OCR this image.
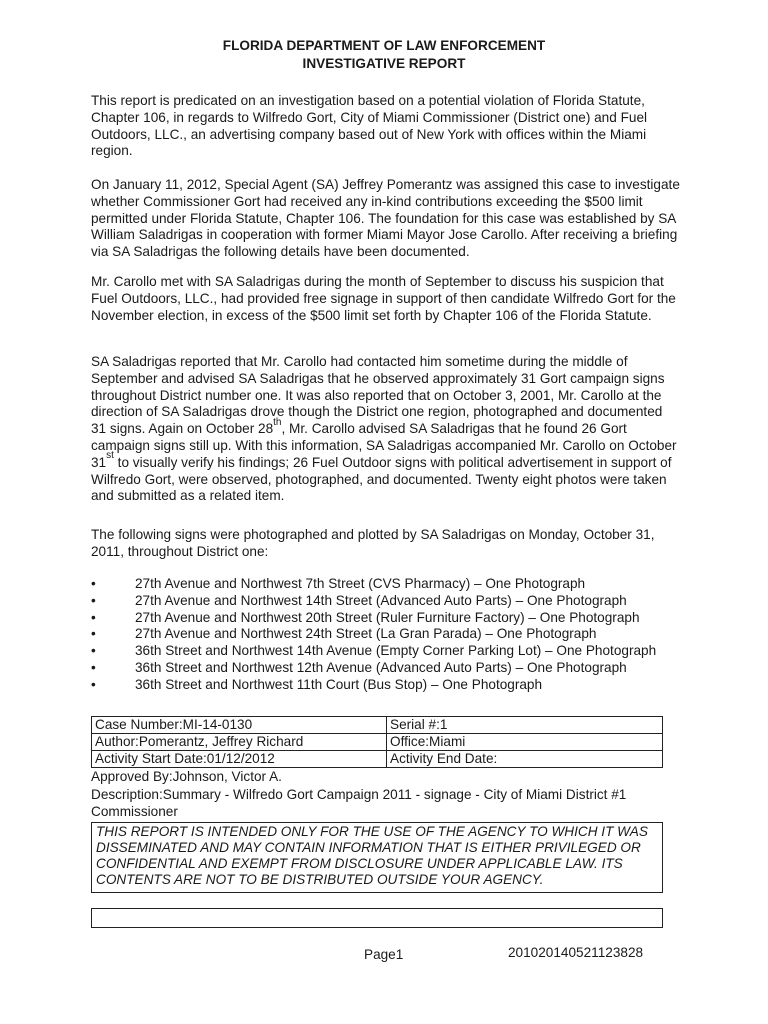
FLORIDA DEPARTMENT OF LAW ENFORCEMENT
INVESTIGATIVE REPORT

This report is predicated on an investigation based on a potential violation of Florida Statute, Chapter 106, in regards to Wilfredo Gort, City of Miami Commissioner (District one) and Fuel Outdoors, LLC., an advertising company based out of New York with offices within the Miami region.

On January 11, 2012, Special Agent (SA) Jeffrey Pomerantz was assigned this case to investigate whether Commissioner Gort had received any in-kind contributions exceeding the $500 limit permitted under Florida Statute, Chapter 106. The foundation for this case was established by SA William Saladrigas in cooperation with former Miami Mayor Jose Carollo. After receiving a briefing via SA Saladrigas the following details have been documented.

Mr. Carollo met with SA Saladrigas during the month of September to discuss his suspicion that Fuel Outdoors, LLC., had provided free signage in support of then candidate Wilfredo Gort for the November election, in excess of the $500 limit set forth by Chapter 106 of the Florida Statute.

SA Saladrigas reported that Mr. Carollo had contacted him sometime during the middle of September and advised SA Saladrigas that he observed approximately 31 Gort campaign signs throughout District number one. It was also reported that on October 3, 2001, Mr. Carollo at the direction of SA Saladrigas drove though the District one region, photographed and documented 31 signs. Again on October 28th, Mr. Carollo advised SA Saladrigas that he found 26 Gort campaign signs still up. With this information, SA Saladrigas accompanied Mr. Carollo on October 31st to visually verify his findings; 26 Fuel Outdoor signs with political advertisement in support of Wilfredo Gort, were observed, photographed, and documented. Twenty eight photos were taken and submitted as a related item.

The following signs were photographed and plotted by SA Saladrigas on Monday, October 31, 2011, throughout District one:

•	27th Avenue and Northwest 7th Street (CVS Pharmacy) – One Photograph
•	27th Avenue and Northwest 14th Street (Advanced Auto Parts) – One Photograph
•	27th Avenue and Northwest 20th Street (Ruler Furniture Factory) – One Photograph
•	27th Avenue and Northwest 24th Street (La Gran Parada) – One Photograph
•	36th Street and Northwest 14th Avenue (Empty Corner Parking Lot) – One Photograph
•	36th Street and Northwest 12th Avenue (Advanced Auto Parts) – One Photograph
•	36th Street and Northwest 11th Court (Bus Stop) – One Photograph
Case Number:MI-14-0130	Serial #:1
Author:Pomerantz, Jeffrey Richard	Office:Miami
Activity Start Date:01/12/2012	Activity End Date:
Approved By:Johnson, Victor A.
Description:Summary - Wilfredo Gort Campaign 2011 - signage - City of Miami District #1 Commissioner
THIS REPORT IS INTENDED ONLY FOR THE USE OF THE AGENCY TO WHICH IT WAS DISSEMINATED AND MAY CONTAIN INFORMATION THAT IS EITHER PRIVILEGED OR CONFIDENTIAL AND EXEMPT FROM DISCLOSURE UNDER APPLICABLE LAW. ITS CONTENTS ARE NOT TO BE DISTRIBUTED OUTSIDE YOUR AGENCY.
Page1	20102014052112382​8
